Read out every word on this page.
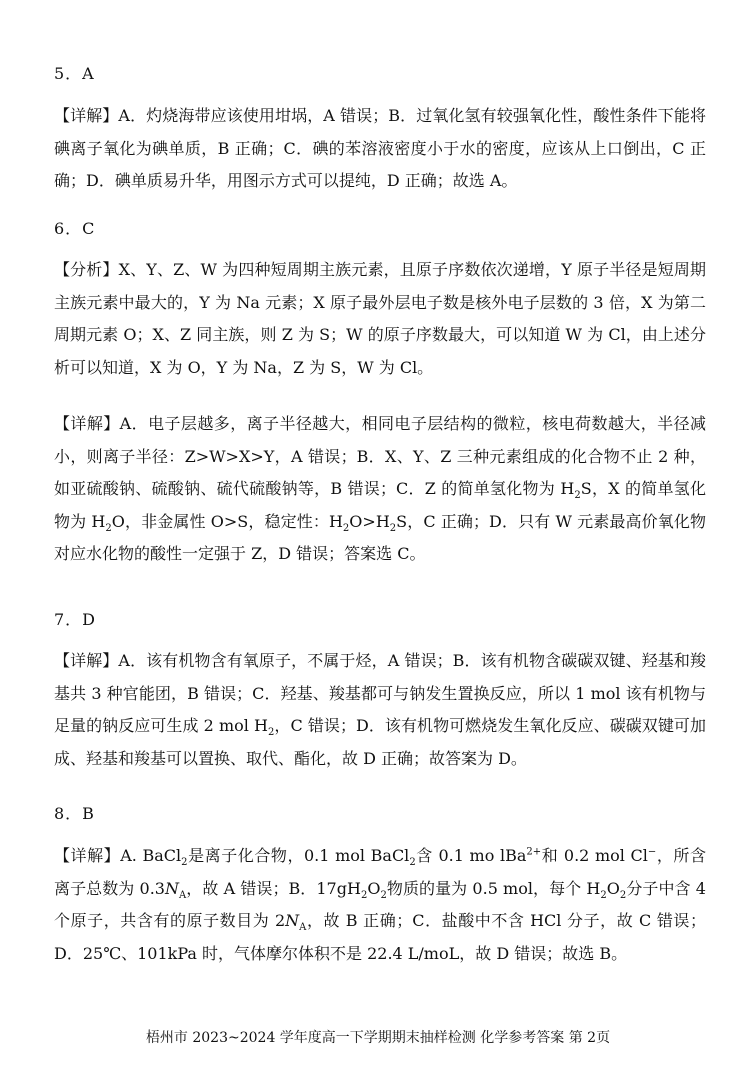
5．A

【详解】A．灼烧海带应该使用坩埚，A 错误；B．过氧化氢有较强氧化性，酸性条件下能将碘离子氧化为碘单质，B 正确；C．碘的苯溶液密度小于水的密度，应该从上口倒出，C 正确；D．碘单质易升华，用图示方式可以提纯，D 正确；故选 A。

6．C

【分析】X、Y、Z、W 为四种短周期主族元素，且原子序数依次递增，Y 原子半径是短周期主族元素中最大的，Y 为 Na 元素；X 原子最外层电子数是核外电子层数的 3 倍，X 为第二周期元素 O；X、Z 同主族，则 Z 为 S；W 的原子序数最大，可以知道 W 为 Cl，由上述分析可以知道，X 为 O，Y 为 Na，Z 为 S，W 为 Cl。

【详解】A．电子层越多，离子半径越大，相同电子层结构的微粒，核电荷数越大，半径减小，则离子半径：Z>W>X>Y，A 错误；B．X、Y、Z 三种元素组成的化合物不止 2 种，如亚硫酸钠、硫酸钠、硫代硫酸钠等，B 错误；C．Z 的简单氢化物为 $H_2S$，X 的简单氢化物为 $H_2O$，非金属性 O>S，稳定性：$H_2O>H_2S$，C 正确；D．只有 W 元素最高价氧化物对应水化物的酸性一定强于 Z，D 错误；答案选 C。

7．D

【详解】A．该有机物含有氧原子，不属于烃，A 错误；B．该有机物含碳碳双键、羟基和羧基共 3 种官能团，B 错误；C．羟基、羧基都可与钠发生置换反应，所以 1 mol 该有机物与足量的钠反应可生成 2 mol $H_2$，C 错误；D．该有机物可燃烧发生氧化反应、碳碳双键可加成、羟基和羧基可以置换、取代、酯化，故 D 正确；故答案为 D。

8．B

【详解】A. BaCl$_2$是离子化合物，0.1 mol BaCl$_2$含 0.1 mo lBa$^{2+}$和 0.2 mol Cl−，所含离子总数为 $0.3N_A$，故 A 错误；B．$17gH_2O_2$物质的量为 0.5 mol，每个 $H_2O_2$分子中含 4 个原子，共含有的原子数目为 $2N_A$，故 B 正确；C．盐酸中不含 HCl 分子，故 C 错误；D．25℃、101kPa 时，气体摩尔体积不是 22.4 L/moL，故 D 错误；故选 B。

梧州市 2023~2024 学年度高一下学期期末抽样检测 化学参考答案 第 2页
